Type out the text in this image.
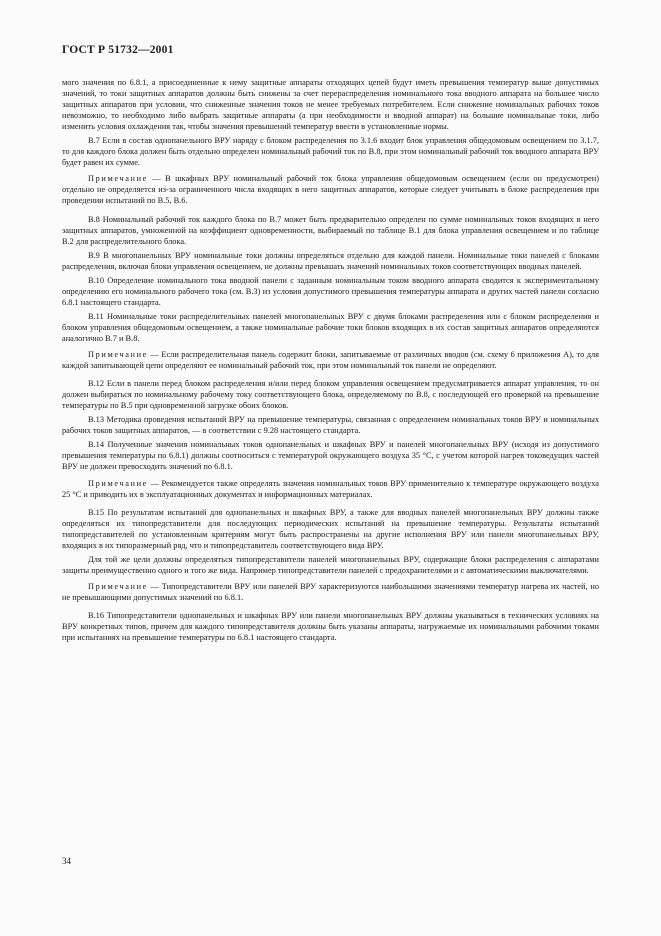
ГОСТ Р 51732—2001

мого значения по 6.8.1, а присоединенные к нему защитные аппараты отходящих цепей будут иметь превышения температур выше допустимых значений, то токи защитных аппаратов должны быть снижены за счет перераспределения номинального тока вводного аппарата на большее число защитных аппаратов при условии, что сниженные значения токов не менее требуемых потребителем. Если снижение номинальных рабочих токов невозможно, то необходимо либо выбрать защитные аппараты (а при необходимости и вводной аппарат) на большие номинальные токи, либо изменить условия охлаждения так, чтобы значения превышений температур ввести в установленные нормы.

В.7 Если в состав однопанельного ВРУ наряду с блоком распределения по 3.1.6 входит блок управления общедомовым освещением по 3.1.7, то для каждого блока должен быть отдельно определен номинальный рабочий ток по В.8, при этом номинальный рабочий ток вводного аппарата ВРУ будет равен их сумме.

Примечание — В шкафных ВРУ номинальный рабочий ток блока управления общедомовым освещением (если он предусмотрен) отдельно не определяется из-за ограниченного числа входящих в него защитных аппаратов, которые следует учитывать в блоке распределения при проведении испытаний по В.5, В.6.

В.8 Номинальный рабочий ток каждого блока по В.7 может быть предварительно определен по сумме номинальных токов входящих в него защитных аппаратов, умноженной на коэффициент одновременности, выбираемый по таблице В.1 для блока управления освещением и по таблице В.2 для распределительного блока.

В.9 В многопанельных ВРУ номинальные токи должны определяться отдельно для каждой панели. Номинальные токи панелей с блоками распределения, включая блоки управления освещением, не должны превышать значений номинальных токов соответствующих вводных панелей.

В.10 Определение номинального тока вводной панели с заданным номинальным током вводного аппарата сводится к экспериментальному определению его номинального рабочего тока (см. В.3) из условия допустимого превышения температуры аппарата и других частей панели согласно 6.8.1 настоящего стандарта.

В.11 Номинальные токи распределительных панелей многопанельных ВРУ с двумя блоками распределения или с блоком распределения и блоком управления общедомовым освещением, а также номинальные рабочие токи блоков входящих в их состав защитных аппаратов определяются аналогично В.7 и В.8.

Примечание — Если распределительная панель содержит блоки, запитываемые от различных вводов (см. схему 6 приложения А), то для каждой запитывающей цепи определяют ее номинальный рабочий ток, при этом номинальный ток панели не определяют.

В.12 Если в панели перед блоком распределения и/или перед блоком управления освещением предусматривается аппарат управления, то он должен выбираться по номинальному рабочему току соответствующего блока, определяемому по В.8, с последующей его проверкой на превышение температуры по В.5 при одновременной загрузке обоих блоков.

В.13 Методика проведения испытаний ВРУ на превышение температуры, связанная с определением номинальных токов ВРУ и номинальных рабочих токов защитных аппаратов, — в соответствии с 9.28 настоящего стандарта.

В.14 Полученные значения номинальных токов однопанельных и шкафных ВРУ и панелей многопанельных ВРУ (исходя из допустимого превышения температуры по 6.8.1) должны соотноситься с температурой окружающего воздуха 35 °С, с учетом которой нагрев токоведущих частей ВРУ не должен превосходить значений по 6.8.1.

Примечание — Рекомендуется также определять значения номинальных токов ВРУ применительно к температуре окружающего воздуха 25 °С и приводить их в эксплуатационных документах и информационных материалах.

В.15 По результатам испытаний для однопанельных и шкафных ВРУ, а также для вводных панелей многопанельных ВРУ должны также определяться их типопредставители для последующих периодических испытаний на превышение температуры. Результаты испытаний типопредставителей по установленным критериям могут быть распространены на другие исполнения ВРУ или панели многопанельных ВРУ, входящих в их типоразмерный ряд, что и типопредставитель соответствующего вида ВРУ.

Для той же цели должны определяться типопредставители панелей многопанельных ВРУ, содержащие блоки распределения с аппаратами защиты преимущественно одного и того же вида. Например типопредставители панелей с предохранителями и с автоматическими выключателями.

Примечание — Типопредставители ВРУ или панелей ВРУ характеризуются наибольшими значениями температур нагрева их частей, но не превышающими допустимых значений по 6.8.1.

В.16 Типопредставители однопанельных и шкафных ВРУ или панели многопанельных ВРУ должны указываться в технических условиях на ВРУ конкретных типов, причем для каждого типопредставителя должны быть указаны аппараты, нагружаемые их номинальными рабочими токами при испытаниях на превышение температуры по 6.8.1 настоящего стандарта.

34
